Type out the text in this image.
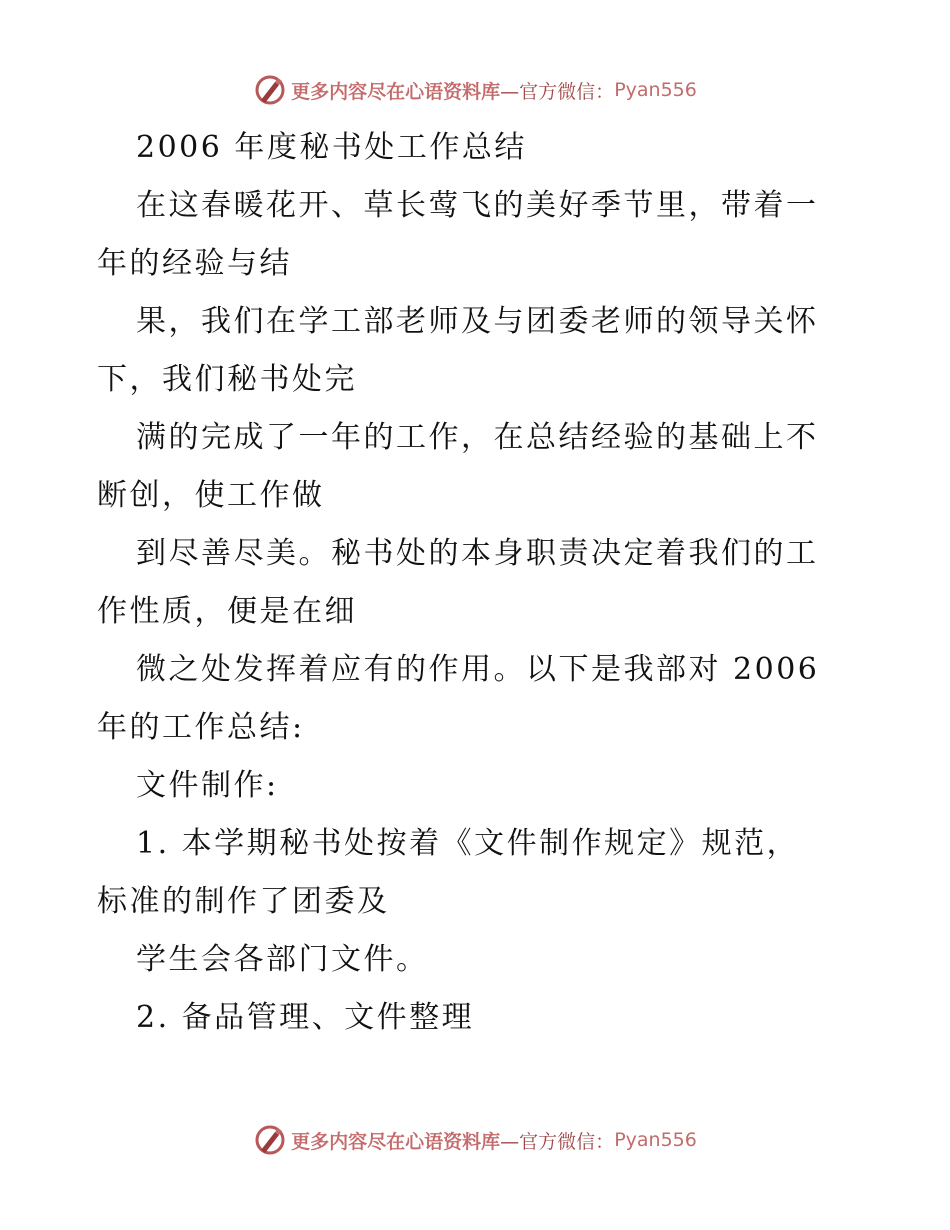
更多内容尽在心语资料库 —官方微信： Pyan556
2006 年度秘书处工作总结
在这春暖花开、草长莺飞的美好季节里，带着一
年的经验与结
果，我们在学工部老师及与团委老师的领导关怀
下，我们秘书处完
满的完成了一年的工作，在总结经验的基础上不
断创，使工作做
到尽善尽美。秘书处的本身职责决定着我们的工
作性质，便是在细
微之处发挥着应有的作用。以下是我部对 2006
年的工作总结:
文件制作:
1. 本学期秘书处按着《文件制作规定》规范，
标准的制作了团委及
学生会各部门文件。
2. 备品管理、文件整理
更多内容尽在心语资料库 —官方微信： Pyan556
